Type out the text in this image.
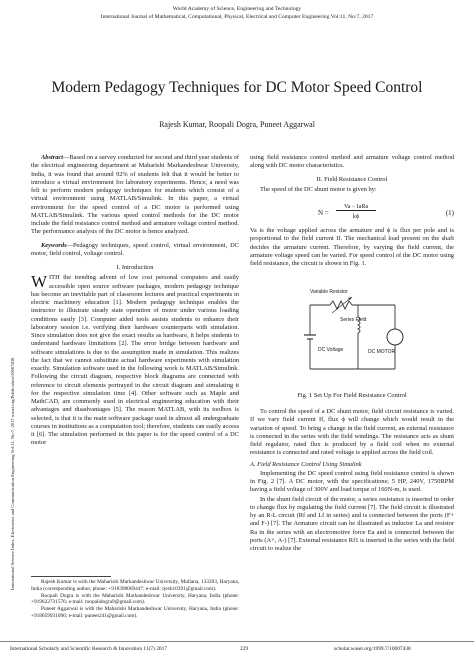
World Academy of Science, Engineering and Technology
International Journal of Mathematical, Computational, Physical, Electrical and Computer Engineering Vol:11, No:7, 2017
International Science Index, Electronics and Communication Engineering Vol:11, No:7, 2017 waset.org/Publication/10007438
Modern Pedagogy Techniques for DC Motor Speed Control
Rajesh Kumar, Roopali Dogra, Puneet Aggarwal

Abstract—Based on a survey conducted for second and third year students of the electrical engineering department at Maharishi Markandeshwar University, India, it was found that around 92% of students felt that it would be better to introduce a virtual environment for laboratory experiments. Hence, a need was felt to perform modern pedagogy techniques for students which consist of a virtual environment using MATLAB/Simulink. In this paper, a virtual environment for the speed control of a DC motor is performed using MATLAB/Simulink. The various speed control methods for the DC motor include the field resistance control method and armature voltage control method. The performance analysis of the DC motor is hence analyzed.

Keywords—Pedagogy techniques, speed control, virtual environment, DC motor, field control, voltage control.

I. Introduction

WITH the trending advent of low cost personal computers and easily accessible open source software packages, modern pedagogy technique has become an inevitable part of classroom lectures and practical experiments in electric machinery education [1]. Modern pedagogy technique enables the instructor to illustrate steady state operation of motor under various loading conditions easily [3]. Computer aided tools assists students to enhance their laboratory session i.e. verifying their hardware counterparts with simulation. Since simulation does not give the exact results as hardware, it helps students to understand hardware limitations [2]. The error bridge between hardware and software simulations is due to the assumption made in simulation. This realizes the fact that we cannot substitute actual hardware experiments with simulation exactly. Simulation software used in the following work is MATLAB/Simulink. Following the circuit diagram, respective block diagrams are connected with reference to circuit elements portrayed in the circuit diagram and simulating it for the respective simulation time [4]. Other software such as Maple and MathCAD, are commonly used in electrical engineering education with their advantages and disadvantages [5]. The reason MATLAB, with its toolbox is selected, is that it is the main software package used in almost all undergraduate courses in institutions as a computation tool; therefore, students can easily access it [6]. The simulation performed in this paper is for the speed control of a DC motor

Rajesh Kumar is with the Maharishi Markandeshwar University, Mullana, 133203, Haryana, India (corresponding author, phone: +918398069447; e-mail: rjesh10391@gmail.com).

Roopali Dogra is with the Maharishi Markandeshwar University, Haryana, India (phone: +919622731576; e-mail: roopalidogra9@gmail.com).

Puneet Aggarwal is with the Maharishi Markandeshwar University, Haryana, India (phone: +918059931096; e-mail: puneet241@gmail.com).

using field resistance control method and armature voltage control method along with DC motor characteristics.

II. Field Resistance Control

The speed of the DC shunt motor is given by:

N =
Va − IaRa
kϕ	(1)
Va is the voltage applied across the armature and ϕ is flux per pole and is proportional to the field current If. The mechanical load present on the shaft decides the armature current. Therefore, by varying the field current, the armature voltage speed can be varied. For speed control of the DC motor using field resistance, the circuit is shown in Fig. 1.
Variable Resistor
Series Field
DC Voltage	DC MOTOR
Fig. 1 Set Up For Field Resistance Control

To control the speed of a DC shunt motor, field circuit resistance is varied. If we vary field current If, flux ϕ will change which would result in the variation of speed. To bring a change in the field current, an external resistance is connected in the series with the field windings. The resistance acts as shunt field regulator, rated flux is produced by a field coil when no external resistance is connected and rated voltage is applied across the field coil.

A. Field Resistance Control Using Simulink

Implementing the DC speed control using field resistance control is shown in Fig. 2 [7]. A DC motor, with the specifications; 5 HP, 240V, 1750RPM having a field voltage of 300V and load torque of 160N-m, is used.

In the shunt field circuit of the motor, a series resistance is inserted in order to change flux by regulating the field current [7]. The field circuit is illustrated by an R-L circuit (Rf and Lf in series) and is connected between the ports (F+ and F-) [7]. The Armature circuit can be illustrated as inductor La and resistor Ra in the series with an electromotive force Ea and is connected between the ports (A+, A-) [7]. External resistance Rf1 is inserted in the series with the field circuit to realize the

International Scholarly and Scientific Research & Innovation 11(7) 2017	229	scholar.waset.org/1999.7/10007438
